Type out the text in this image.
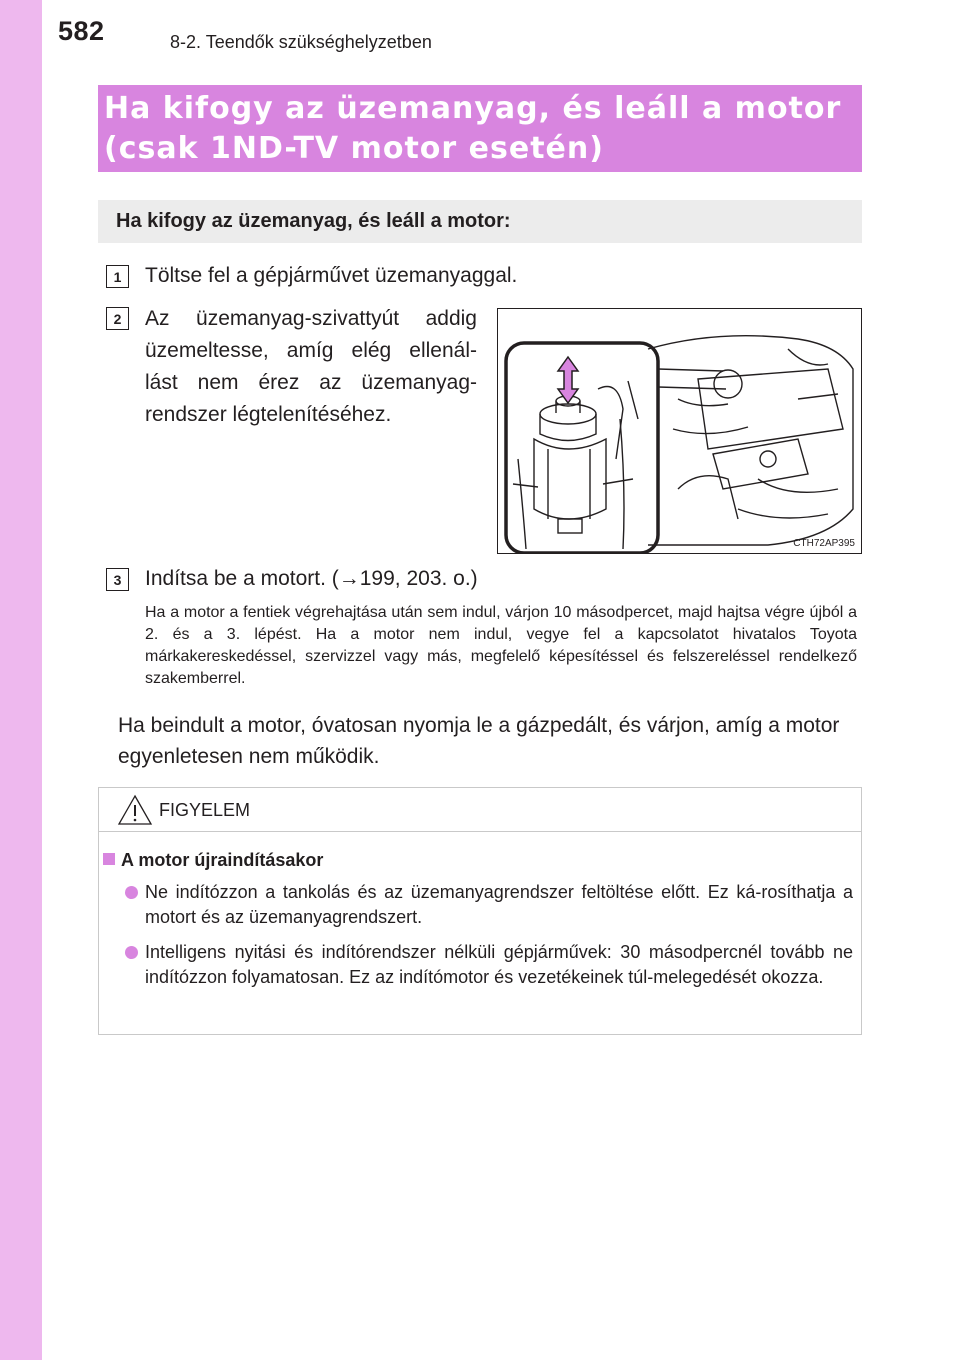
582	8-2. Teendők szükséghelyzetben
Ha kifogy az üzemanyag, és leáll a motor
(csak 1ND-TV motor esetén)
Ha kifogy az üzemanyag, és leáll a motor:
1	Töltse fel a gépjárművet üzemanyaggal.
2	Az üzemanyag-szivattyút addig
üzemeltesse, amíg elég ellenál-
lást nem érez az üzemanyag-
rendszer légtelenítéséhez.
CTH72AP395
3	Indítsa be a motort. (→199, 203. o.)
Ha a motor a fentiek végrehajtása után sem indul, várjon 10 másodpercet, majd hajtsa végre újból a 2. és a 3. lépést. Ha a motor nem indul, vegye fel a kapcsolatot hivatalos Toyota márkakereskedéssel, szervizzel vagy más, megfelelő képesítéssel és felszereléssel rendelkező szakemberrel.
Ha beindult a motor, óvatosan nyomja le a gázpedált, és várjon, amíg a motor egyenletesen nem működik.
FIGYELEM
A motor újraindításakor
Ne indítózzon a tankolás és az üzemanyagrendszer feltöltése előtt. Ez ká-rosíthatja a motort és az üzemanyagrendszert.
Intelligens nyitási és indítórendszer nélküli gépjárművek: 30 másodpercnél tovább ne indítózzon folyamatosan. Ez az indítómotor és vezetékeinek túl-melegedését okozza.
